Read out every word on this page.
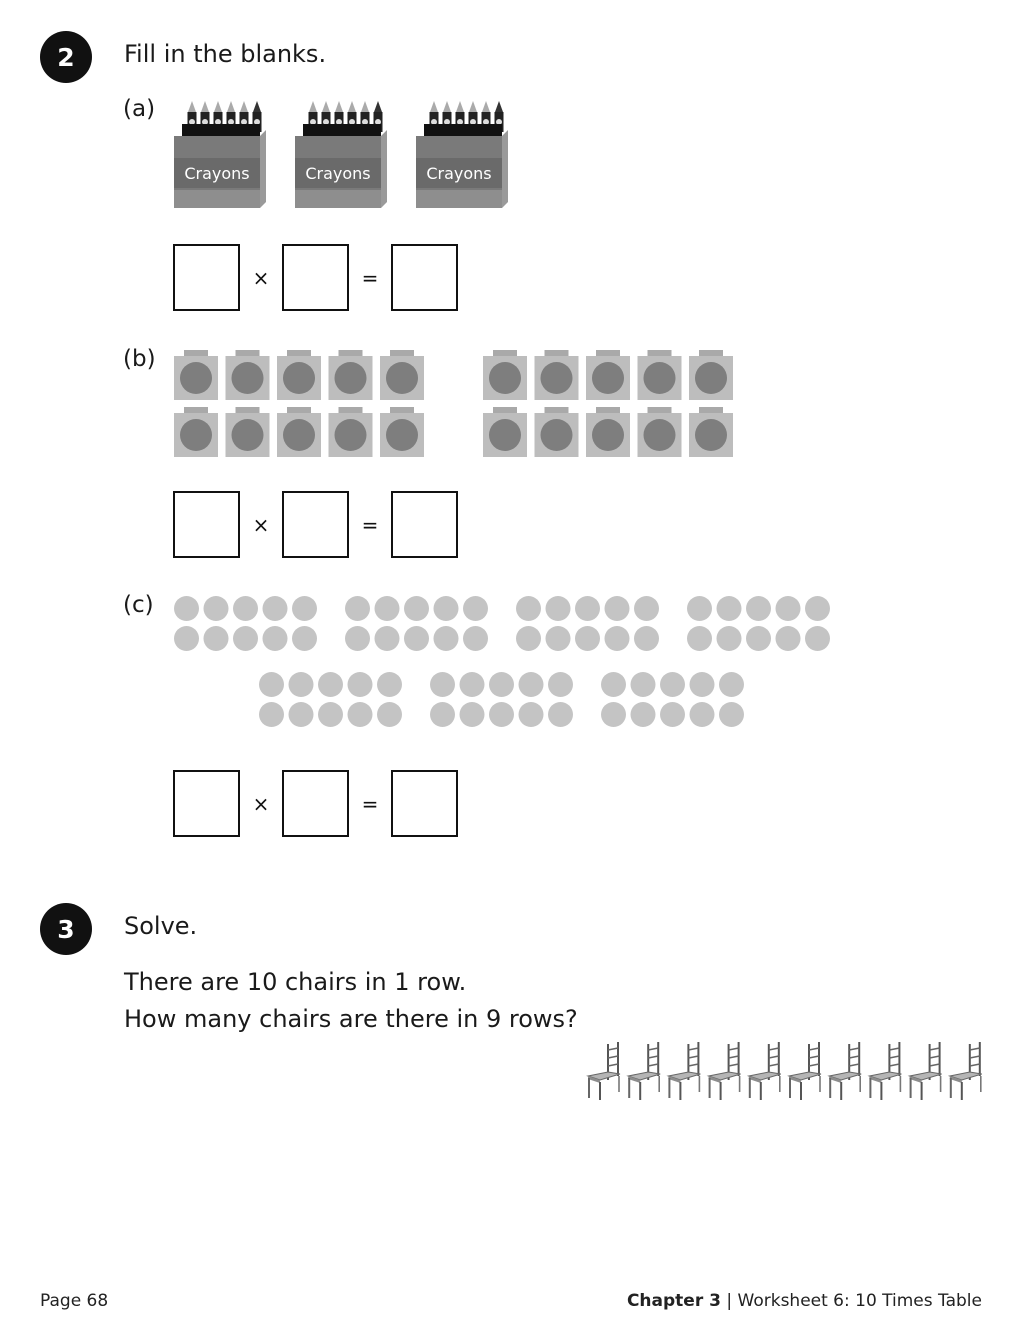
2 Fill in the blanks.
(a)
Crayons	Crayons	Crayons
×	=
(b)
×	=
(c)
×	=
3 Solve.
There are 10 chairs in 1 row.
How many chairs are there in 9 rows?
Page 68	Chapter 3 | Worksheet 6: 10 Times Table
